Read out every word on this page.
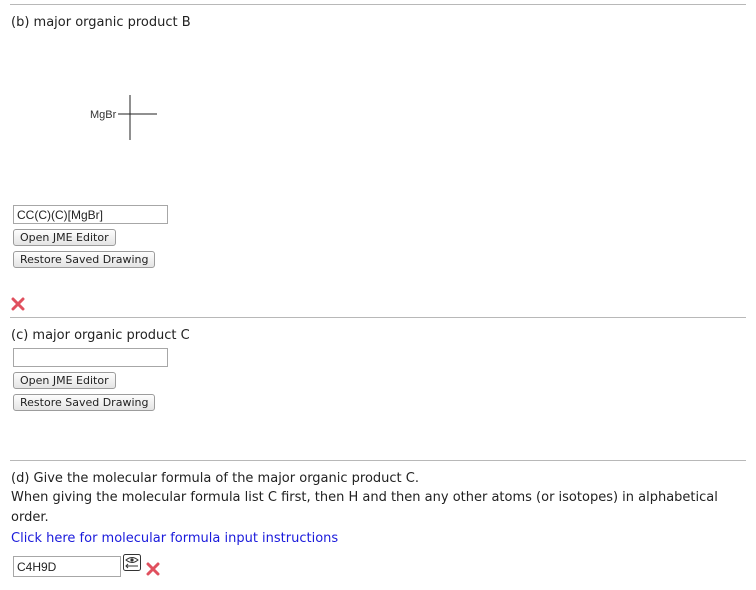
(b) major organic product B
MgBr
CC(C)(C)[MgBr]
Open JME Editor
Restore Saved Drawing
(c) major organic product C
Open JME Editor
Restore Saved Drawing
(d) Give the molecular formula of the major organic product C.
When giving the molecular formula list C first, then H and then any other atoms (or isotopes) in alphabetical order.
Click here for molecular formula input instructions
C4H9D
